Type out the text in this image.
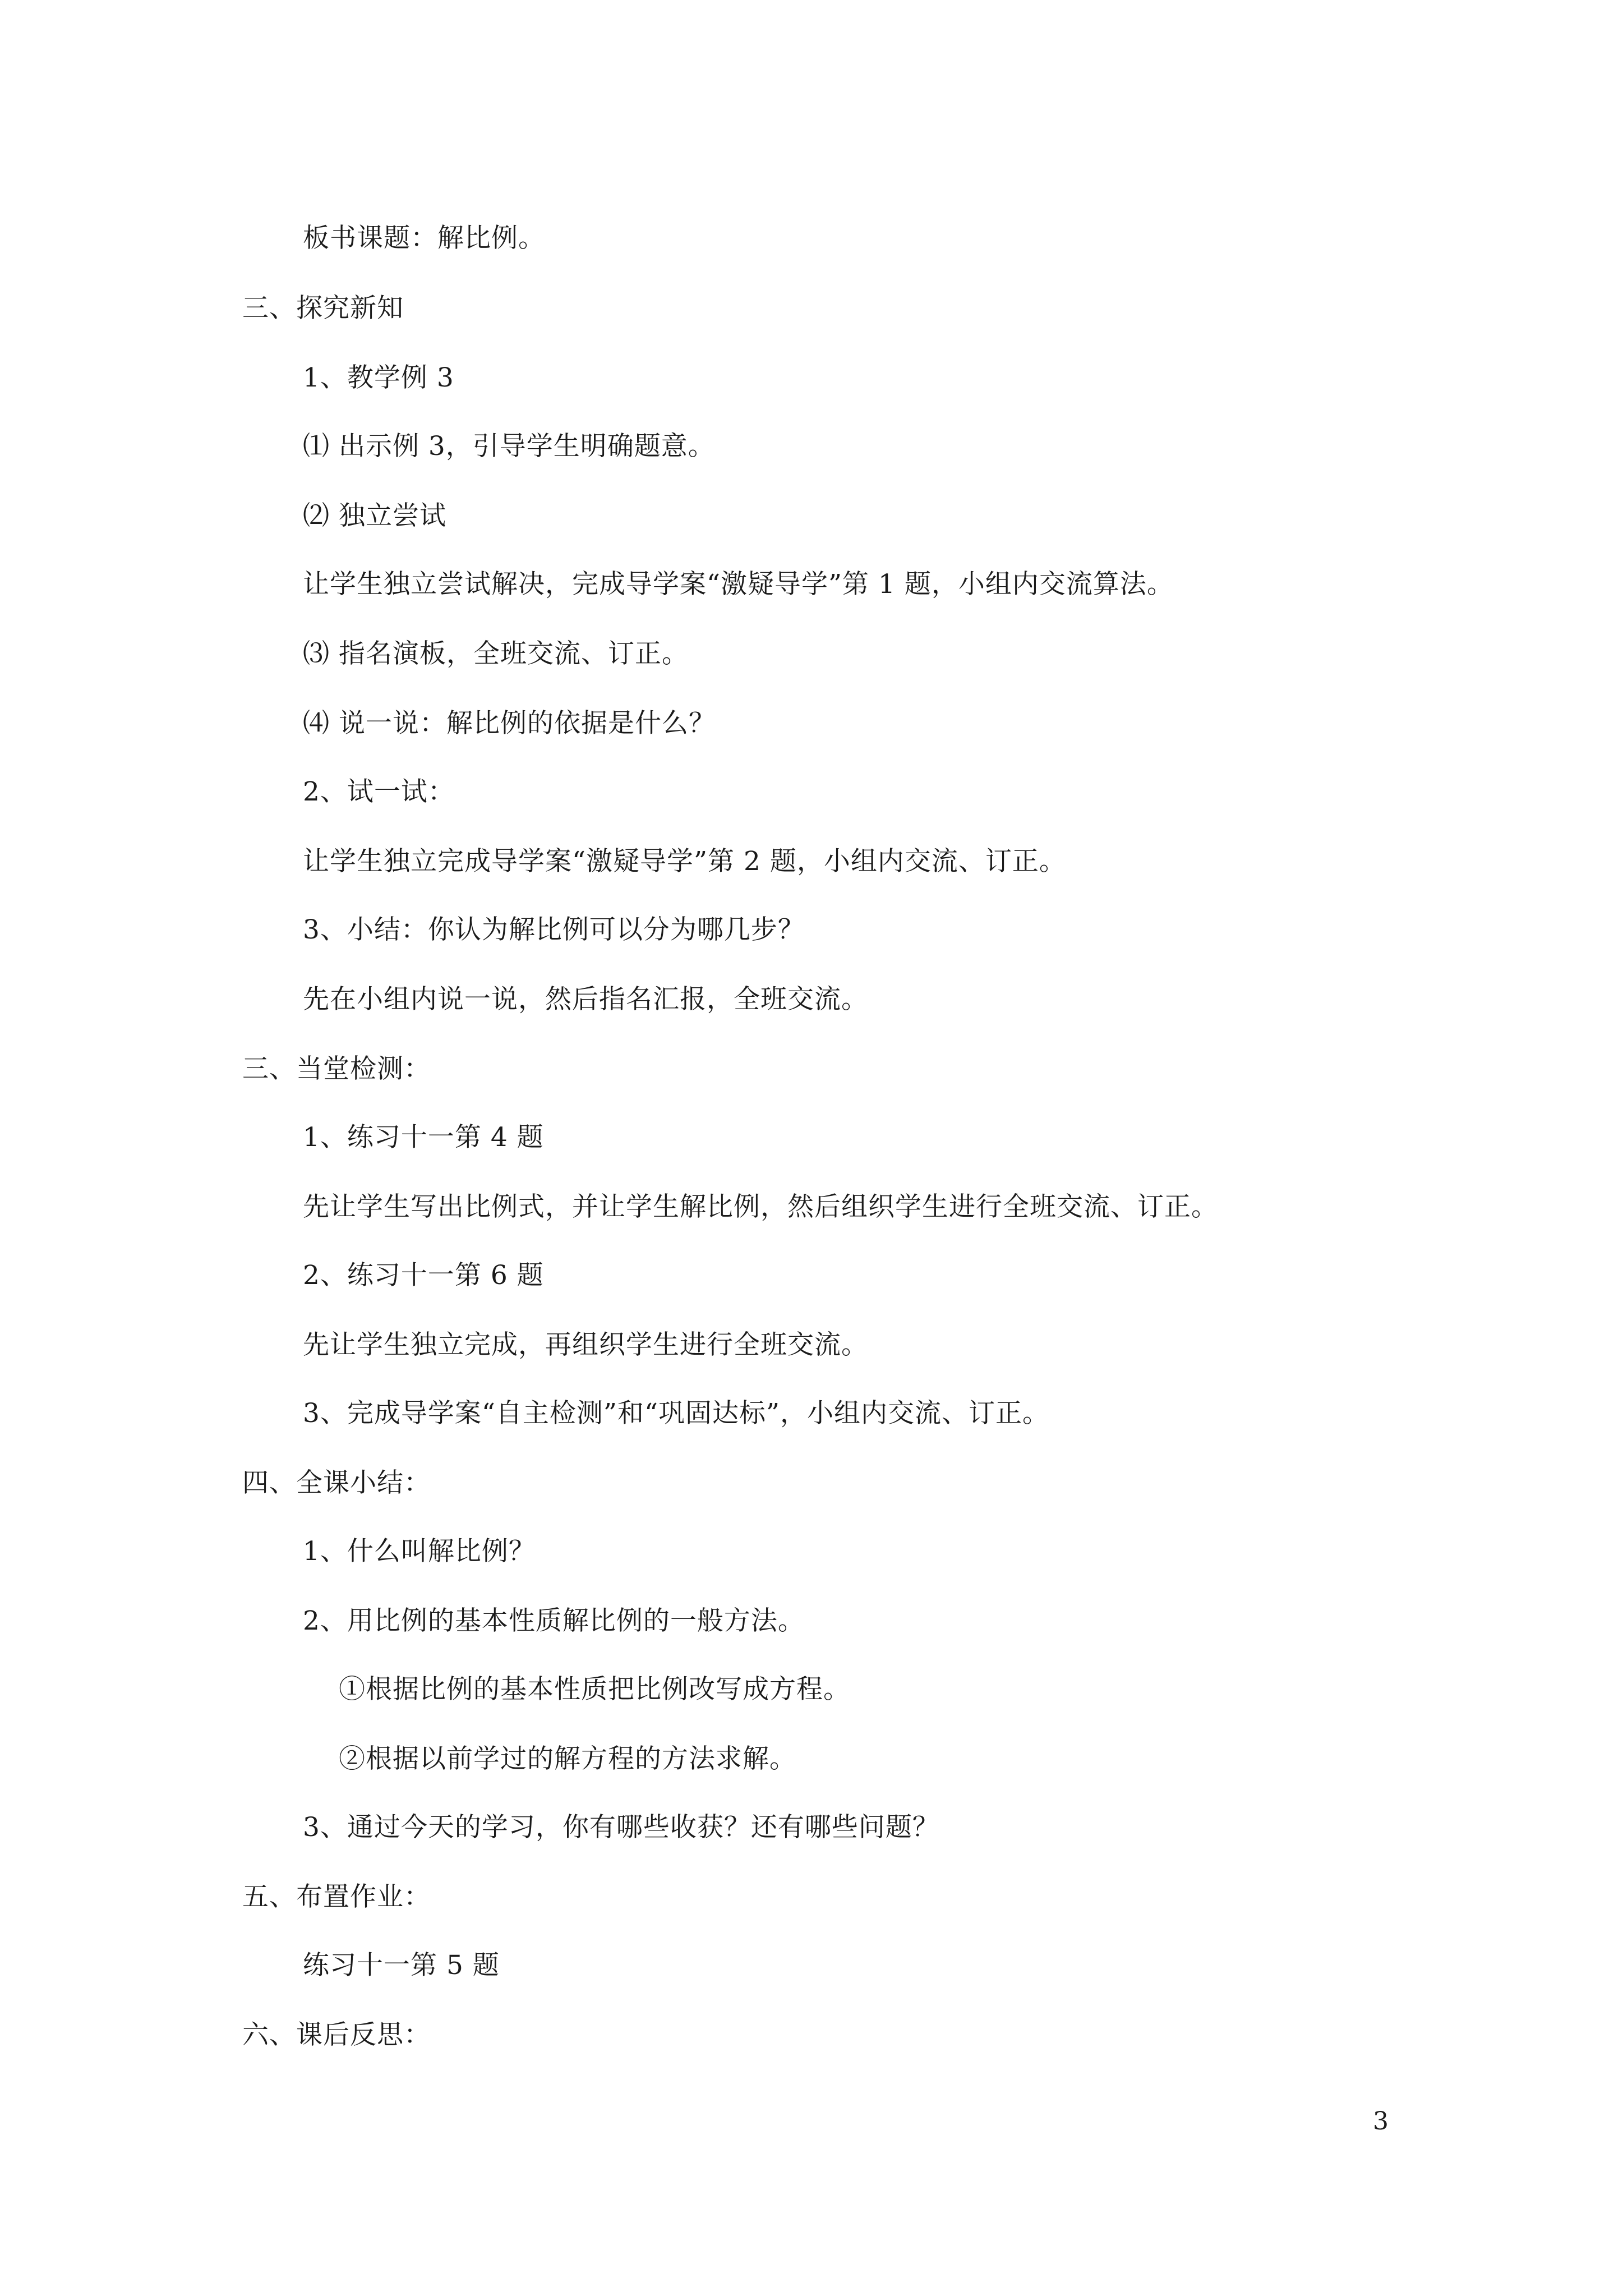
板书课题：解比例。
三、探究新知
1、教学例 3
⑴ 出示例 3，引导学生明确题意。
⑵ 独立尝试
让学生独立尝试解决，完成导学案“激疑导学”第 1 题，小组内交流算法。
⑶ 指名演板，全班交流、订正。
⑷ 说一说：解比例的依据是什么？
2、试一试：
让学生独立完成导学案“激疑导学”第 2 题，小组内交流、订正。
3、小结：你认为解比例可以分为哪几步？
先在小组内说一说，然后指名汇报，全班交流。
三、当堂检测：
1、练习十一第 4 题
先让学生写出比例式，并让学生解比例，然后组织学生进行全班交流、订正。
2、练习十一第 6 题
先让学生独立完成，再组织学生进行全班交流。
3、完成导学案“自主检测”和“巩固达标”，小组内交流、订正。
四、全课小结：
1、什么叫解比例？
2、用比例的基本性质解比例的一般方法。
①根据比例的基本性质把比例改写成方程。
②根据以前学过的解方程的方法求解。
3、通过今天的学习，你有哪些收获？还有哪些问题？
五、布置作业：
练习十一第 5 题
六、课后反思：
3
